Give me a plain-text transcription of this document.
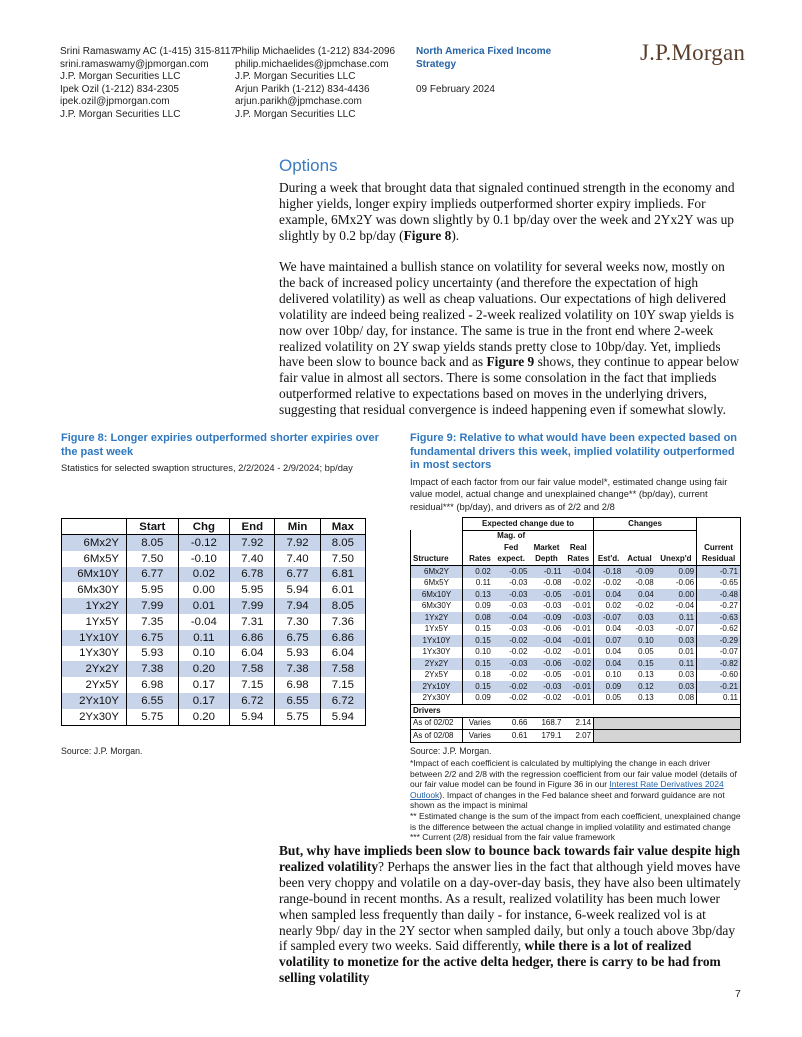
Srini Ramaswamy AC (1-415) 315-8117
srini.ramaswamy@jpmorgan.com
J.P. Morgan Securities LLC
Ipek Ozil (1-212) 834-2305
ipek.ozil@jpmorgan.com
J.P. Morgan Securities LLC
Philip Michaelides (1-212) 834-2096
philip.michaelides@jpmchase.com
J.P. Morgan Securities LLC
Arjun Parikh (1-212) 834-4436
arjun.parikh@jpmchase.com
J.P. Morgan Securities LLC
North America Fixed Income
Strategy
09 February 2024
J.P.Morgan
Options

During a week that brought data that signaled continued strength in the economy and higher yields, longer expiry implieds outperformed shorter expiry implieds. For example, 6Mx2Y was down slightly by 0.1 bp/day over the week and 2Yx2Y was up slightly by 0.2 bp/day (Figure 8).

We have maintained a bullish stance on volatility for several weeks now, mostly on the back of increased policy uncertainty (and therefore the expectation of high delivered volatility) as well as cheap valuations. Our expectations of high delivered volatility are indeed being realized - 2-week realized volatility on 10Y swap yields is now over 10bp/ day, for instance. The same is true in the front end where 2-week realized volatility on 2Y swap yields stands pretty close to 10bp/day. Yet, implieds have been slow to bounce back and as Figure 9 shows, they continue to appear below fair value in almost all sectors. There is some consolation in the fact that implieds outperformed relative to expectations based on moves in the underlying drivers, suggesting that residual convergence is indeed happening even if somewhat slowly.

Figure 8: Longer expiries outperformed shorter expiries over the past week
Statistics for selected swaption structures, 2/2/2024 - 2/9/2024; bp/day
	Start	Chg	End	Min	Max
6Mx2Y	8.05	-0.12	7.92	7.92	8.05
6Mx5Y	7.50	-0.10	7.40	7.40	7.50
6Mx10Y	6.77	0.02	6.78	6.77	6.81
6Mx30Y	5.95	0.00	5.95	5.94	6.01
1Yx2Y	7.99	0.01	7.99	7.94	8.05
1Yx5Y	7.35	-0.04	7.31	7.30	7.36
1Yx10Y	6.75	0.11	6.86	6.75	6.86
1Yx30Y	5.93	0.10	6.04	5.93	6.04
2Yx2Y	7.38	0.20	7.58	7.38	7.58
2Yx5Y	6.98	0.17	7.15	6.98	7.15
2Yx10Y	6.55	0.17	6.72	6.55	6.72
2Yx30Y	5.75	0.20	5.94	5.75	5.94
Source: J.P. Morgan.
Figure 9: Relative to what would have been expected based on fundamental drivers this week, implied volatility outperformed in most sectors
Impact of each factor from our fair value model*, estimated change using fair value model, actual change and unexplained change** (bp/day), current residual*** (bp/day), and drivers as of 2/2 and 2/8
	Expected change due to				Changes			
		Mag. of						
		Fed	Market	Real				Current
Structure	Rates	expect.	Depth	Rates	Est'd.	Actual	Unexp'd	Residual
6Mx2Y	0.02	-0.05	-0.11	-0.04	-0.18	-0.09	0.09	-0.71
6Mx5Y	0.11	-0.03	-0.08	-0.02	-0.02	-0.08	-0.06	-0.65
6Mx10Y	0.13	-0.03	-0.05	-0.01	0.04	0.04	0.00	-0.48
6Mx30Y	0.09	-0.03	-0.03	-0.01	0.02	-0.02	-0.04	-0.27
1Yx2Y	0.08	-0.04	-0.09	-0.03	-0.07	0.03	0.11	-0.63
1Yx5Y	0.15	-0.03	-0.06	-0.01	0.04	-0.03	-0.07	-0.62
1Yx10Y	0.15	-0.02	-0.04	-0.01	0.07	0.10	0.03	-0.29
1Yx30Y	0.10	-0.02	-0.02	-0.01	0.04	0.05	0.01	-0.07
2Yx2Y	0.15	-0.03	-0.06	-0.02	0.04	0.15	0.11	-0.82
2Yx5Y	0.18	-0.02	-0.05	-0.01	0.10	0.13	0.03	-0.60
2Yx10Y	0.15	-0.02	-0.03	-0.01	0.09	0.12	0.03	-0.21
2Yx30Y	0.09	-0.02	-0.02	-0.01	0.05	0.13	0.08	0.11
Drivers								
As of 02/02	Varies	0.66	168.7	2.14				
As of 02/08	Varies	0.61	179.1	2.07				
Source: J.P. Morgan.
*Impact of each coefficient is calculated by multiplying the change in each driver between 2/2 and 2/8 with the regression coefficient from our fair value model (details of our fair value model can be found in Figure 36 in our Interest Rate Derivatives 2024 Outlook). Impact of changes in the Fed balance sheet and forward guidance are not shown as the impact is minimal
** Estimated change is the sum of the impact from each coefficient, unexplained change is the difference between the actual change in implied volatility and estimated change
*** Current (2/8) residual from the fair value framework

But, why have implieds been slow to bounce back towards fair value despite high realized volatility? Perhaps the answer lies in the fact that although yield moves have been very choppy and volatile on a day-over-day basis, they have also been ultimately range-bound in recent months. As a result, realized volatility has been much lower when sampled less frequently than daily - for instance, 6-week realized vol is at nearly 9bp/ day in the 2Y sector when sampled daily, but only a touch above 3bp/day if sampled every two weeks. Said differently, while there is a lot of realized volatility to monetize for the active delta hedger, there is carry to be had from selling volatility

7
